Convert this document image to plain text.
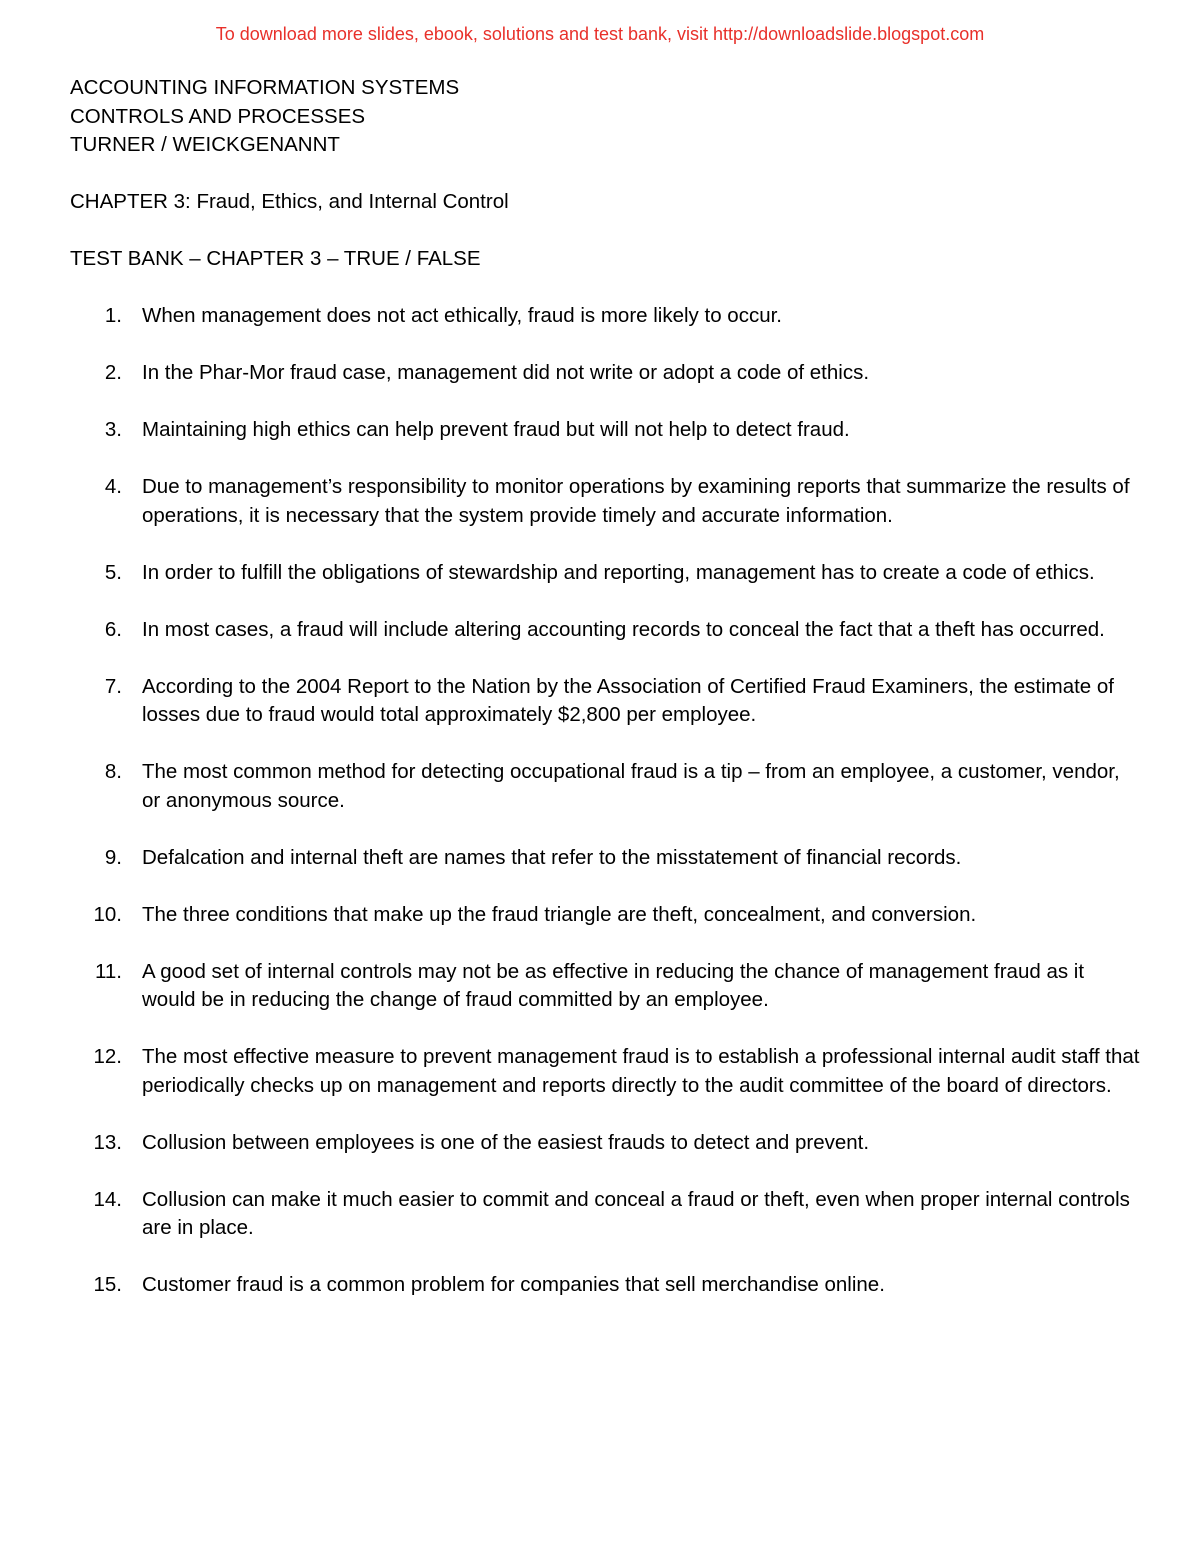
To download more slides, ebook, solutions and test bank, visit http://downloadslide.blogspot.com

ACCOUNTING INFORMATION SYSTEMS

CONTROLS AND PROCESSES

TURNER / WEICKGENANNT

CHAPTER 3: Fraud, Ethics, and Internal Control

TEST BANK – CHAPTER 3 – TRUE / FALSE

1. When management does not act ethically, fraud is more likely to occur.
2. In the Phar-Mor fraud case, management did not write or adopt a code of ethics.
3. Maintaining high ethics can help prevent fraud but will not help to detect fraud.
4. Due to management’s responsibility to monitor operations by examining reports that summarize the results of operations, it is necessary that the system provide timely and accurate information.
5. In order to fulfill the obligations of stewardship and reporting, management has to create a code of ethics.
6. In most cases, a fraud will include altering accounting records to conceal the fact that a theft has occurred.
7. According to the 2004 Report to the Nation by the Association of Certified Fraud Examiners, the estimate of losses due to fraud would total approximately $2,800 per employee.
8. The most common method for detecting occupational fraud is a tip – from an employee, a customer, vendor, or anonymous source.
9. Defalcation and internal theft are names that refer to the misstatement of financial records.
10. The three conditions that make up the fraud triangle are theft, concealment, and conversion.
11. A good set of internal controls may not be as effective in reducing the chance of management fraud as it would be in reducing the change of fraud committed by an employee.
12. The most effective measure to prevent management fraud is to establish a professional internal audit staff that periodically checks up on management and reports directly to the audit committee of the board of directors.
13. Collusion between employees is one of the easiest frauds to detect and prevent.
14. Collusion can make it much easier to commit and conceal a fraud or theft, even when proper internal controls are in place.
15. Customer fraud is a common problem for companies that sell merchandise online.
